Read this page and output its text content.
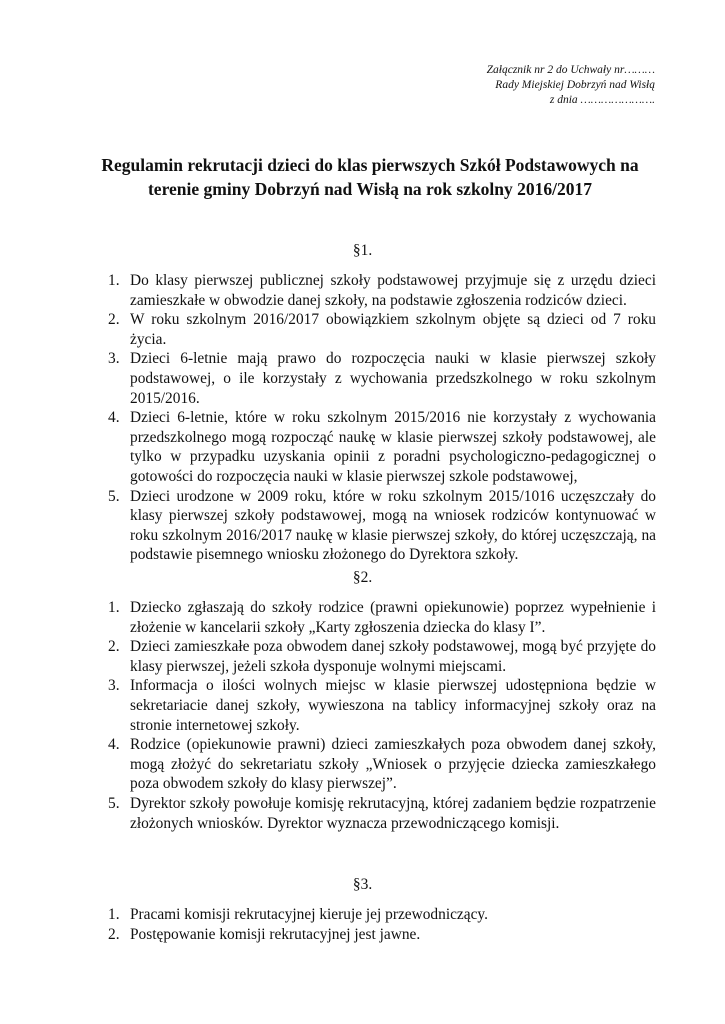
Załącznik nr 2 do Uchwały nr………
Rady Miejskiej Dobrzyń nad Wisłą
z dnia ………………….
Regulamin rekrutacji dzieci do klas pierwszych Szkół Podstawowych na
terenie gminy Dobrzyń nad Wisłą na rok szkolny 2016/2017
§1.
1. Do klasy pierwszej publicznej szkoły podstawowej przyjmuje się z urzędu dzieci zamieszkałe w obwodzie danej szkoły, na podstawie zgłoszenia rodziców dzieci.
2. W roku szkolnym 2016/2017 obowiązkiem szkolnym objęte są dzieci od 7 roku życia.
3. Dzieci 6-letnie mają prawo do rozpoczęcia nauki w klasie pierwszej szkoły podstawowej, o ile korzystały z wychowania przedszkolnego w roku szkolnym 2015/2016.
4. Dzieci 6-letnie, które w roku szkolnym 2015/2016 nie korzystały z wychowania przedszkolnego mogą rozpocząć naukę w klasie pierwszej szkoły podstawowej, ale tylko w przypadku uzyskania opinii z poradni psychologiczno-pedagogicznej o gotowości do rozpoczęcia nauki w klasie pierwszej szkole podstawowej,
5. Dzieci urodzone w 2009 roku, które w roku szkolnym 2015/1016 uczęszczały do klasy pierwszej szkoły podstawowej, mogą na wniosek rodziców kontynuować w roku szkolnym 2016/2017 naukę w klasie pierwszej szkoły, do której uczęszczają, na podstawie pisemnego wniosku złożonego do Dyrektora szkoły.
§2.
1. Dziecko zgłaszają do szkoły rodzice (prawni opiekunowie) poprzez wypełnienie i złożenie w kancelarii szkoły „Karty zgłoszenia dziecka do klasy I”.
2. Dzieci zamieszkałe poza obwodem danej szkoły podstawowej, mogą być przyjęte do klasy pierwszej, jeżeli szkoła dysponuje wolnymi miejscami.
3. Informacja o ilości wolnych miejsc w klasie pierwszej udostępniona będzie w sekretariacie danej szkoły, wywieszona na tablicy informacyjnej szkoły oraz na stronie internetowej szkoły.
4. Rodzice (opiekunowie prawni) dzieci zamieszkałych poza obwodem danej szkoły, mogą złożyć do sekretariatu szkoły „Wniosek o przyjęcie dziecka zamieszkałego poza obwodem szkoły do klasy pierwszej”.
5. Dyrektor szkoły powołuje komisję rekrutacyjną, której zadaniem będzie rozpatrzenie złożonych wniosków. Dyrektor wyznacza przewodniczącego komisji.
§3.
1. Pracami komisji rekrutacyjnej kieruje jej przewodniczący.
2. Postępowanie komisji rekrutacyjnej jest jawne.
